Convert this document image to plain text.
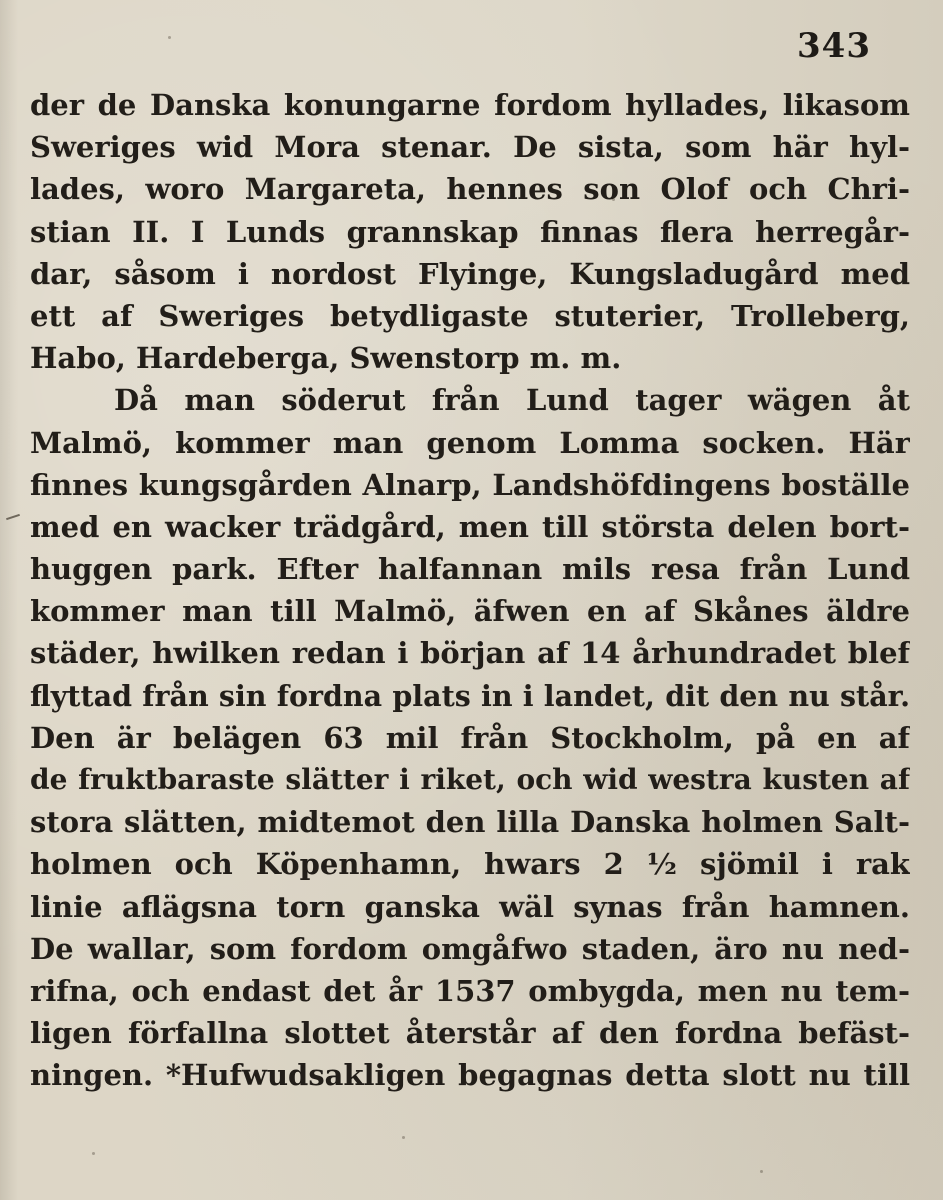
343
der de Danska konungarne fordom hyllades, likasom
Sweriges wid Mora stenar. De sista, som här hyl-
lades, woro Margareta, hennes son Olof och Chri-
stian II. I Lunds grannskap finnas flera herregår-
dar, såsom i nordost Flyinge, Kungsladugård med
ett af Sweriges betydligaste stuterier, Trolleberg,
Habo, Hardeberga, Swenstorp m. m.
Då man söderut från Lund tager wägen åt
Malmö, kommer man genom Lomma socken. Här
finnes kungsgården Alnarp, Landshöfdingens boställe
med en wacker trädgård, men till största delen bort-
huggen park. Efter halfannan mils resa från Lund
kommer man till Malmö, äfwen en af Skånes äldre
städer, hwilken redan i början af 14 århundradet blef
flyttad från sin fordna plats in i landet, dit den nu står.
Den är belägen 63 mil från Stockholm, på en af
de fruktbaraste slätter i riket, och wid westra kusten af
stora slätten, midtemot den lilla Danska holmen Salt-
holmen och Köpenhamn, hwars 2 ½ sjömil i rak
linie aflägsna torn ganska wäl synas från hamnen.
De wallar, som fordom omgåfwo staden, äro nu ned-
rifna, och endast det år 1537 ombygda, men nu tem-
ligen förfallna slottet återstår af den fordna befäst-
ningen. *Hufwudsakligen begagnas detta slott nu till
